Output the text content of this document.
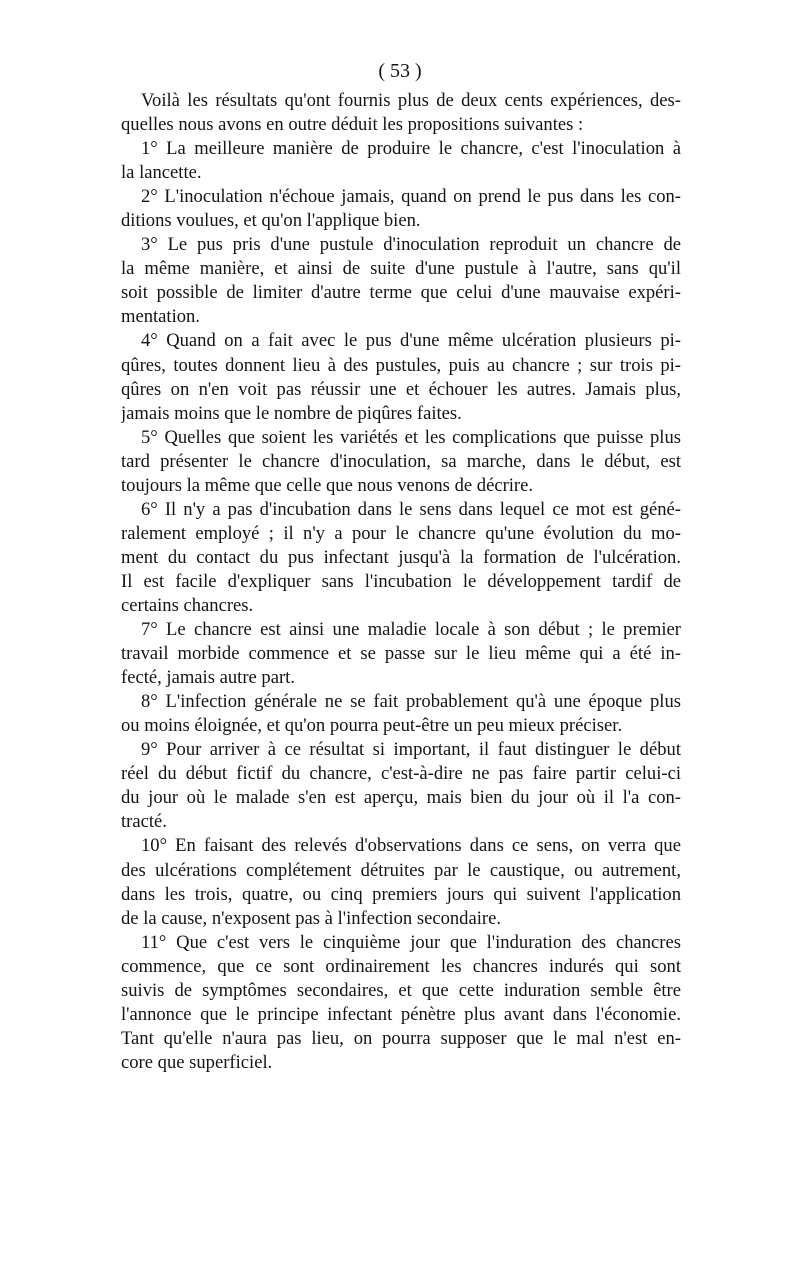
( 53 )
Voilà les résultats qu'ont fournis plus de deux cents expériences, des-
quelles nous avons en outre déduit les propositions suivantes :
1° La meilleure manière de produire le chancre, c'est l'inoculation à
la lancette.
2° L'inoculation n'échoue jamais, quand on prend le pus dans les con-
ditions voulues, et qu'on l'applique bien.
3° Le pus pris d'une pustule d'inoculation reproduit un chancre de
la même manière, et ainsi de suite d'une pustule à l'autre, sans qu'il
soit possible de limiter d'autre terme que celui d'une mauvaise expéri-
mentation.
4° Quand on a fait avec le pus d'une même ulcération plusieurs pi-
qûres, toutes donnent lieu à des pustules, puis au chancre ; sur trois pi-
qûres on n'en voit pas réussir une et échouer les autres. Jamais plus,
jamais moins que le nombre de piqûres faites.
5° Quelles que soient les variétés et les complications que puisse plus
tard présenter le chancre d'inoculation, sa marche, dans le début, est
toujours la même que celle que nous venons de décrire.
6° Il n'y a pas d'incubation dans le sens dans lequel ce mot est géné-
ralement employé ; il n'y a pour le chancre qu'une évolution du mo-
ment du contact du pus infectant jusqu'à la formation de l'ulcération.
Il est facile d'expliquer sans l'incubation le développement tardif de
certains chancres.
7° Le chancre est ainsi une maladie locale à son début ; le premier
travail morbide commence et se passe sur le lieu même qui a été in-
fecté, jamais autre part.
8° L'infection générale ne se fait probablement qu'à une époque plus
ou moins éloignée, et qu'on pourra peut-être un peu mieux préciser.
9° Pour arriver à ce résultat si important, il faut distinguer le début
réel du début fictif du chancre, c'est-à-dire ne pas faire partir celui-ci
du jour où le malade s'en est aperçu, mais bien du jour où il l'a con-
tracté.
10° En faisant des relevés d'observations dans ce sens, on verra que
des ulcérations complétement détruites par le caustique, ou autrement,
dans les trois, quatre, ou cinq premiers jours qui suivent l'application
de la cause, n'exposent pas à l'infection secondaire.
11° Que c'est vers le cinquième jour que l'induration des chancres
commence, que ce sont ordinairement les chancres indurés qui sont
suivis de symptômes secondaires, et que cette induration semble être
l'annonce que le principe infectant pénètre plus avant dans l'économie.
Tant qu'elle n'aura pas lieu, on pourra supposer que le mal n'est en-
core que superficiel.
